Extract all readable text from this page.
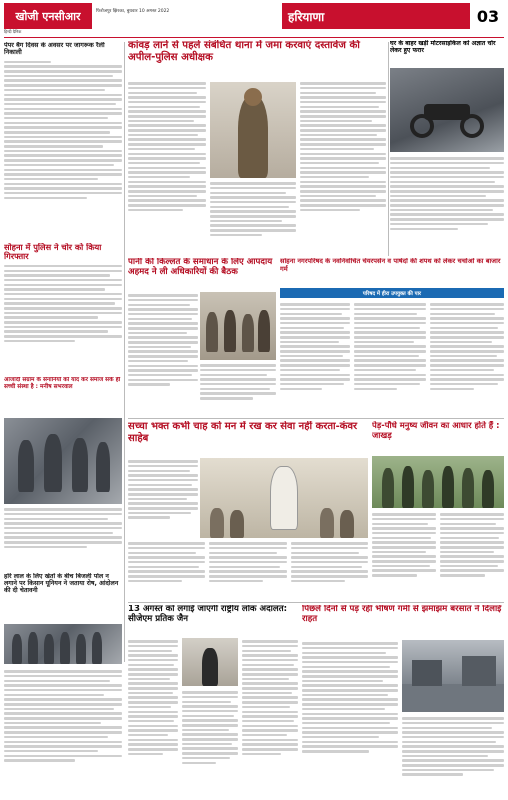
खोजी एनसीआर
हिन्दी दैनिक
फिरोजपुर झिरका, बुधवार 10 अगस्त 2022	हरियाणा	03
पेपर बैग दिवस के अवसर पर जागरूक रैली निकाली
सोहना में पुलिस ने चोर को किया गिरफ्तार
आजादी संग्राम के सेनानियों को याद कर समाज सकें ही सच्ची संस्था है : मनीष सभरवाल
हरि लाल के लिए खेतों के बीच बिजली पोल न लगाने पर किसान यूनियन ने जताया रोष, आंदोलन की दी चेतावनी
कांवड़ लाने से पहले संबंधित थाना में जमा करवाएं दस्तावेज की अपील-पुलिस अधीक्षक
घर के बाहर खड़ी मोटरसाइकिल को अज्ञात चोर लेकर हुए फरार
पानी की किल्लत के समाधान के लिए आपदाय अहमद ने ली अधिकारियों की बैठक
सोहना नगरपरिषद के नवनिर्वाचित चेयरपर्सन व पार्षदों की शपथ को लेकर चर्चाओं का बाजार गर्म
परिषद में हीरा उपयुक्त की पार
सच्चा भक्त कभी चाह को मन में रख कर सेवा नहीं करता-कंवर साहेब
पेड़-पौधे मनुष्य जीवन का आधार होते हैं : जाखड़
13 अगस्त को लगाई जाएगी राष्ट्रीय लोक अदालत: सीजेएम प्रतिक जैन
पिछले दिनों से पड़ रही भीषण गर्मी से झमाझम बरसात ने दिलाई राहत
